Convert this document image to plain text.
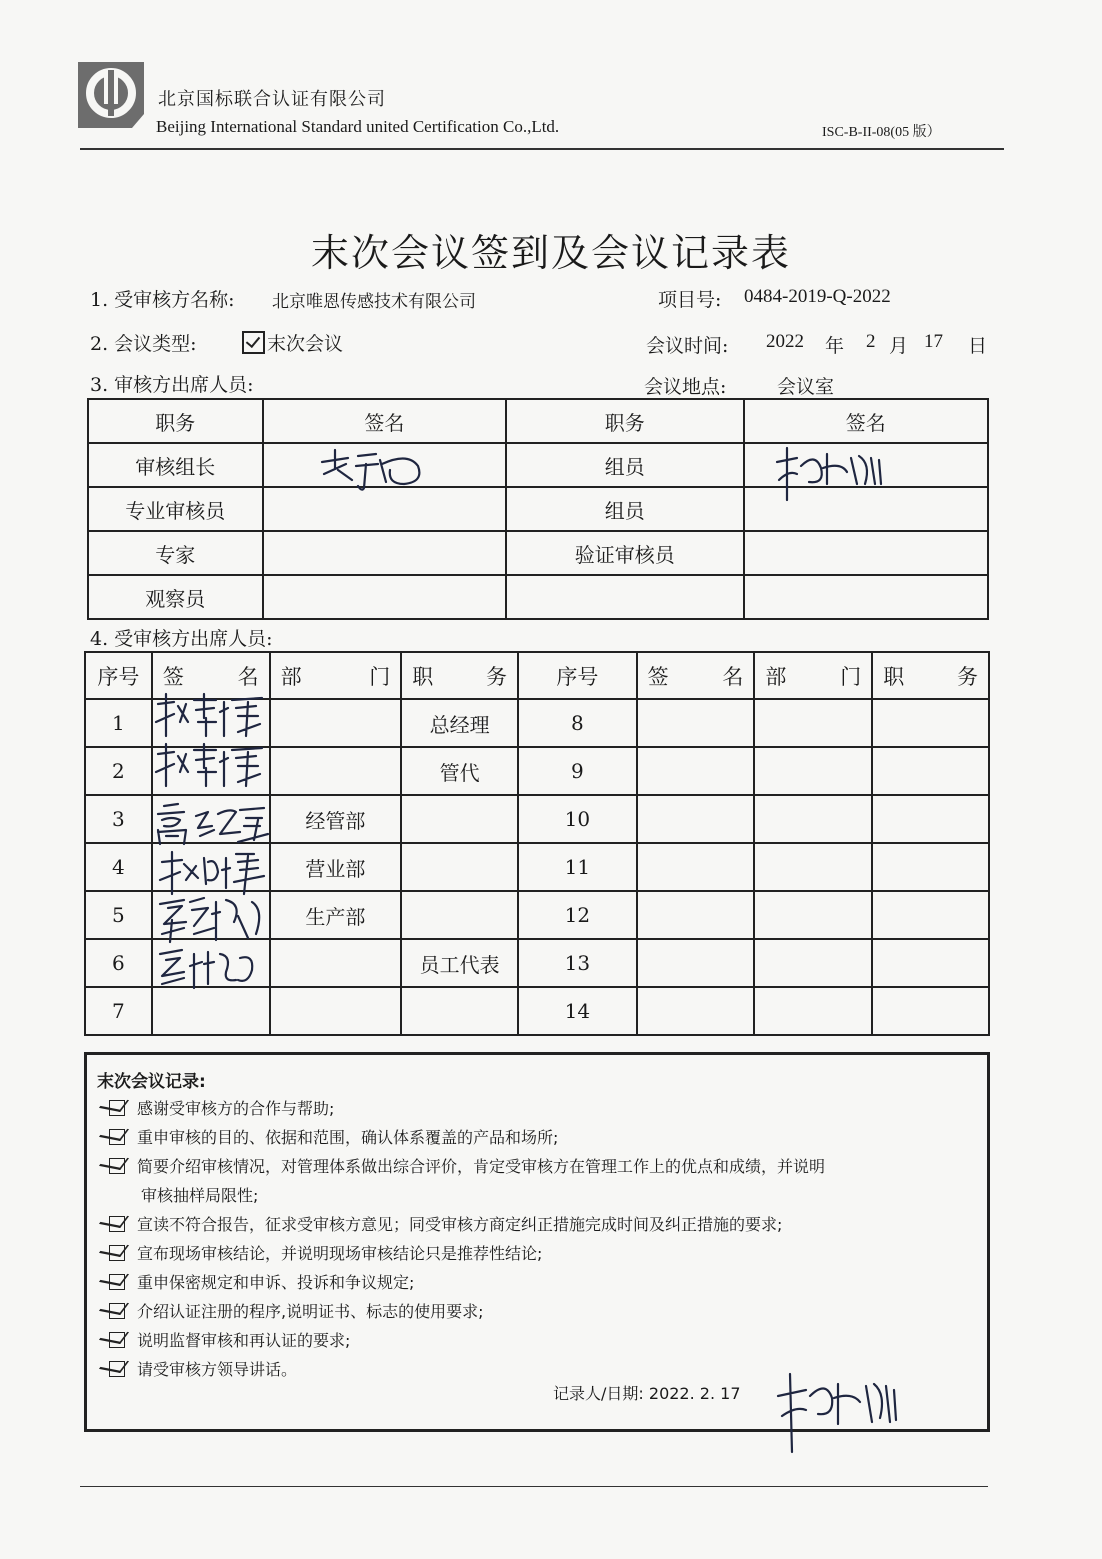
北京国标联合认证有限公司
Beijing International Standard united Certification Co.,Ltd.	ISC-B-II-08(05 版）
末次会议签到及会议记录表
1. 受审核方名称: 北京唯恩传感技术有限公司	项目号: 0484-2019-Q-2022
2. 会议类型:	末次会议	会议时间: 2022 年 2 月 17 日
3. 审核方出席人员:	会议地点:	会议室
职务	签名	职务	签名
审核组长		组员	
专业审核员		组员	
专家		验证审核员	
观察员			
4. 受审核方出席人员:
序号	签 名	部 门	职 务	序号	签 名	部 门	职 务

1			总经理	8			
2			管代	9			
3		经管部		10			
4		营业部		11			
5		生产部		12			
6			员工代表	13			
7				14			
末次会议记录:
感谢受审核方的合作与帮助;
重申审核的目的、依据和范围，确认体系覆盖的产品和场所;
简要介绍审核情况，对管理体系做出综合评价，肯定受审核方在管理工作上的优点和成绩，并说明
审核抽样局限性;
宣读不符合报告，征求受审核方意见；同受审核方商定纠正措施完成时间及纠正措施的要求;
宣布现场审核结论，并说明现场审核结论只是推荐性结论;
重申保密规定和申诉、投诉和争议规定;
介绍认证注册的程序,说明证书、标志的使用要求;
说明监督审核和再认证的要求;
请受审核方领导讲话。
记录人/日期: 2022. 2. 17
